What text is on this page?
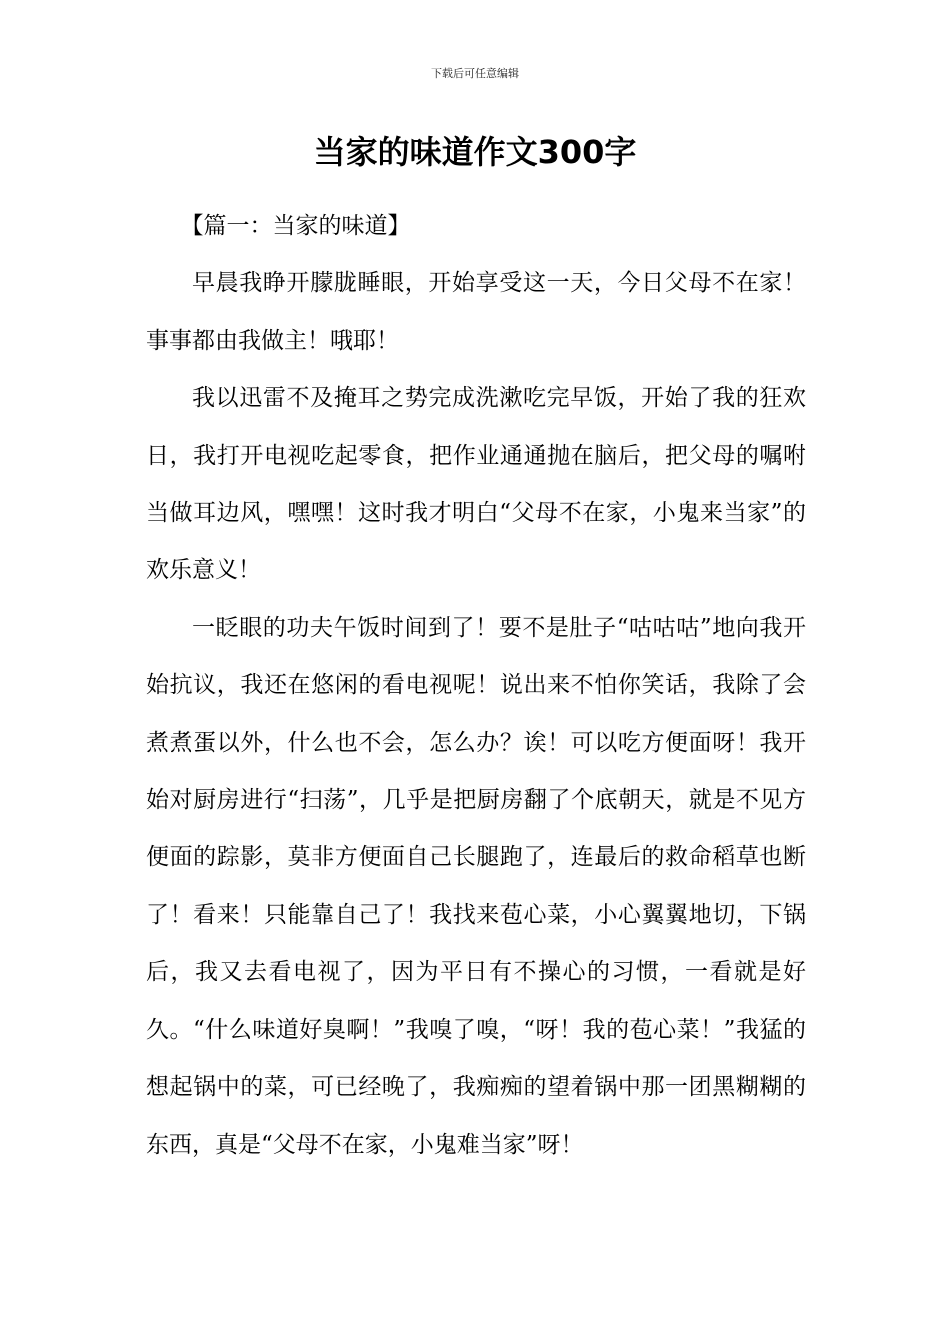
下载后可任意编辑
当家的味道作文300字

【篇一：当家的味道】

早晨我睁开朦胧睡眼，开始享受这一天，今日父母不在家！事事都由我做主！哦耶！

我以迅雷不及掩耳之势完成洗漱吃完早饭，开始了我的狂欢日，我打开电视吃起零食，把作业通通抛在脑后，把父母的嘱咐当做耳边风，嘿嘿！这时我才明白“父母不在家，小鬼来当家”的欢乐意义！

一眨眼的功夫午饭时间到了！要不是肚子“咕咕咕”地向我开始抗议，我还在悠闲的看电视呢！说出来不怕你笑话，我除了会煮煮蛋以外，什么也不会，怎么办？诶！可以吃方便面呀！我开始对厨房进行“扫荡”，几乎是把厨房翻了个底朝天，就是不见方便面的踪影，莫非方便面自己长腿跑了，连最后的救命稻草也断了！看来！只能靠自己了！我找来苞心菜，小心翼翼地切，下锅后，我又去看电视了，因为平日有不操心的习惯，一看就是好久。“什么味道好臭啊！”我嗅了嗅，“呀！我的苞心菜！”我猛的想起锅中的菜，可已经晚了，我痴痴的望着锅中那一团黑糊糊的东西，真是“父母不在家，小鬼难当家”呀！
